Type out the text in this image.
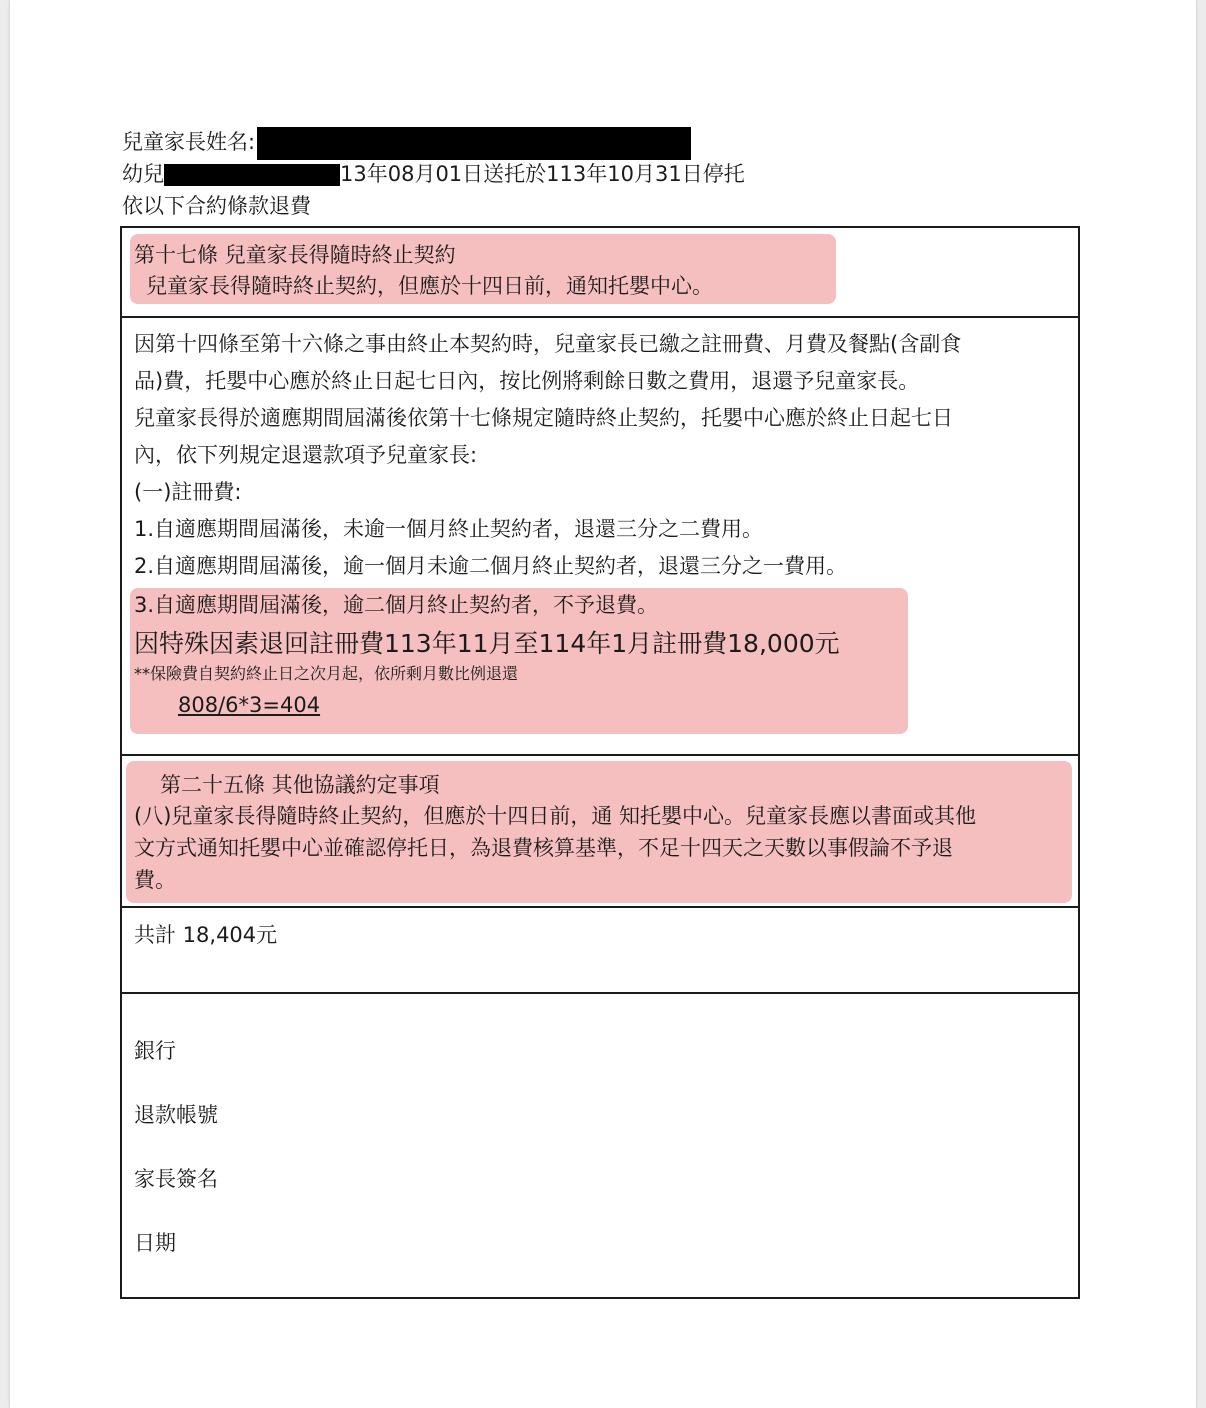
兒童家長姓名:
幼兒	13年08月01日送托於113年10月31日停托
依以下合約條款退費
第十七條 兒童家長得隨時終止契約
兒童家長得隨時終止契約，但應於十四日前，通知托嬰中心。
因第十四條至第十六條之事由終止本契約時，兒童家長已繳之註冊費、月費及餐點(含副食
品)費，托嬰中心應於終止日起七日內，按比例將剩餘日數之費用，退還予兒童家長。
兒童家長得於適應期間屆滿後依第十七條規定隨時終止契約，托嬰中心應於終止日起七日
內，依下列規定退還款項予兒童家長:
(一)註冊費:
1.自適應期間屆滿後，未逾一個月終止契約者，退還三分之二費用。
2.自適應期間屆滿後，逾一個月未逾二個月終止契約者，退還三分之一費用。
3.自適應期間屆滿後，逾二個月終止契約者，不予退費。
因特殊因素退回註冊費113年11月至114年1月註冊費18,000元
**保險費自契約終止日之次月起，依所剩月數比例退還
808/6*3=404
第二十五條 其他協議約定事項
(八)兒童家長得隨時終止契約，但應於十四日前，通 知托嬰中心。兒童家長應以書面或其他
文方式通知托嬰中心並確認停托日，為退費核算基準，不足十四天之天數以事假論不予退
費。
共計 18,404元
銀行
退款帳號
家長簽名
日期
